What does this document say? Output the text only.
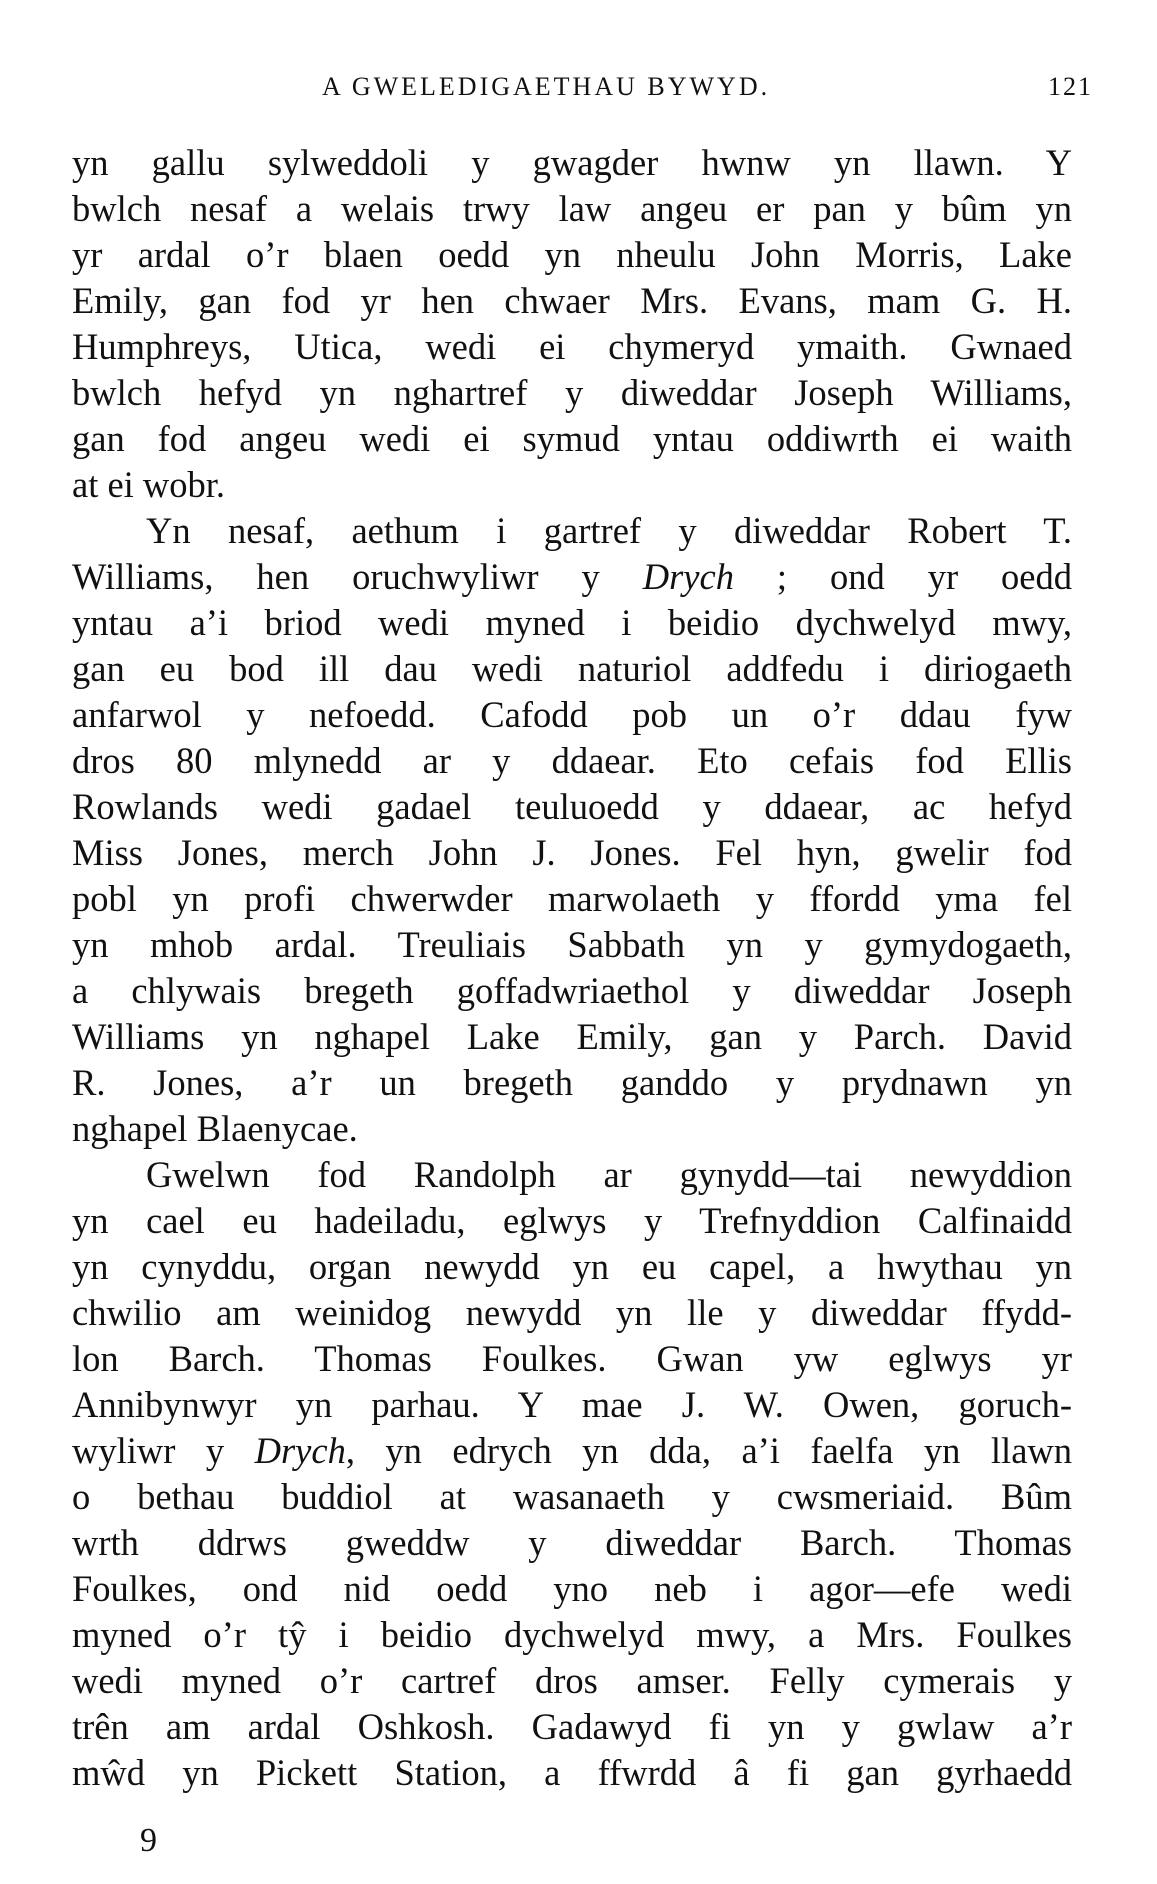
A GWELEDIGAETHAU BYWYD.	121
yn gallu sylweddoli y gwagder hwnw yn llawn. Y
bwlch nesaf a welais trwy law angeu er pan y bûm yn
yr ardal o’r blaen oedd yn nheulu John Morris, Lake
Emily, gan fod yr hen chwaer Mrs. Evans, mam G. H.
Humphreys, Utica, wedi ei chymeryd ymaith. Gwnaed
bwlch hefyd yn nghartref y diweddar Joseph Williams,
gan fod angeu wedi ei symud yntau oddiwrth ei waith
at ei wobr.
Yn nesaf, aethum i gartref y diweddar Robert T.
Williams, hen oruchwyliwr y Drych ; ond yr oedd
yntau a’i briod wedi myned i beidio dychwelyd mwy,
gan eu bod ill dau wedi naturiol addfedu i diriogaeth
anfarwol y nefoedd. Cafodd pob un o’r ddau fyw
dros 80 mlynedd ar y ddaear. Eto cefais fod Ellis
Rowlands wedi gadael teuluoedd y ddaear, ac hefyd
Miss Jones, merch John J. Jones. Fel hyn, gwelir fod
pobl yn profi chwerwder marwolaeth y ffordd yma fel
yn mhob ardal. Treuliais Sabbath yn y gymydogaeth,
a chlywais bregeth goffadwriaethol y diweddar Joseph
Williams yn nghapel Lake Emily, gan y Parch. David
R. Jones, a’r un bregeth ganddo y prydnawn yn
nghapel Blaenycae.
Gwelwn fod Randolph ar gynydd—tai newyddion
yn cael eu hadeiladu, eglwys y Trefnyddion Calfinaidd
yn cynyddu, organ newydd yn eu capel, a hwythau yn
chwilio am weinidog newydd yn lle y diweddar ffydd-
lon Barch. Thomas Foulkes. Gwan yw eglwys yr
Annibynwyr yn parhau. Y mae J. W. Owen, goruch-
wyliwr y Drych, yn edrych yn dda, a’i faelfa yn llawn
o bethau buddiol at wasanaeth y cwsmeriaid. Bûm
wrth ddrws gweddw y diweddar Barch. Thomas
Foulkes, ond nid oedd yno neb i agor—efe wedi
myned o’r tŷ i beidio dychwelyd mwy, a Mrs. Foulkes
wedi myned o’r cartref dros amser. Felly cymerais y
trên am ardal Oshkosh. Gadawyd fi yn y gwlaw a’r
mŵd yn Pickett Station, a ffwrdd â fi gan gyrhaedd
9
